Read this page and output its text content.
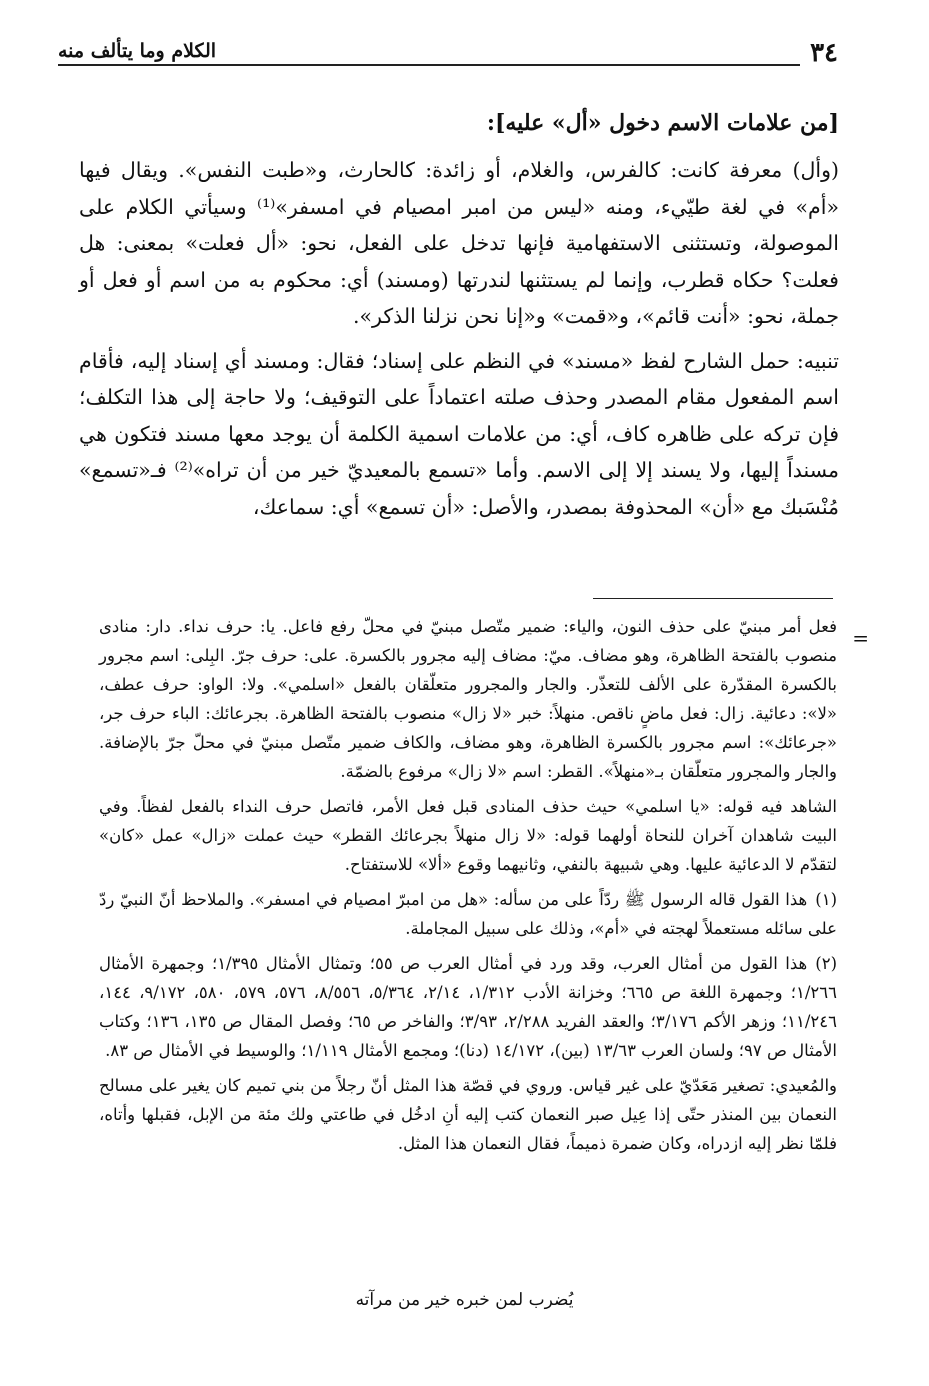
٣٤
الكلام وما يتألف منه
[من علامات الاسم دخول «أل» عليه]:

(وأل) معرفة كانت: كالفرس، والغلام، أو زائدة: كالحارث، و«طبت النفس». ويقال فيها «أم» في لغة طيّيء، ومنه «ليس من امبر امصيام في امسفر»⁽¹⁾ وسيأتي الكلام على الموصولة، وتستثنى الاستفهامية فإنها تدخل على الفعل، نحو: «أل فعلت» بمعنى: هل فعلت؟ حكاه قطرب، وإنما لم يستثنها لندرتها (ومسند) أي: محكوم به من اسم أو فعل أو جملة، نحو: «أنت قائم»، و«قمت» و«إنا نحن نزلنا الذكر».

تنبيه: حمل الشارح لفظ «مسند» في النظم على إسناد؛ فقال: ومسند أي إسناد إليه، فأقام اسم المفعول مقام المصدر وحذف صلته اعتماداً على التوقيف؛ ولا حاجة إلى هذا التكلف؛ فإن تركه على ظاهره كاف، أي: من علامات اسمية الكلمة أن يوجد معها مسند فتكون هي مسنداً إليها، ولا يسند إلا إلى الاسم. وأما «تسمع بالمعيديّ خير من أن تراه»⁽²⁾ فـ«تسمع» مُنْسَبك مع «أن» المحذوفة بمصدر، والأصل: «أن تسمع» أي: سماعك،

=

فعل أمر مبنيّ على حذف النون، والياء: ضمير متّصل مبنيّ في محلّ رفع فاعل. يا: حرف نداء. دار: منادى منصوب بالفتحة الظاهرة، وهو مضاف. ميّ: مضاف إليه مجرور بالكسرة. على: حرف جرّ. البِلى: اسم مجرور بالكسرة المقدّرة على الألف للتعذّر. والجار والمجرور متعلّقان بالفعل «اسلمي». ولا: الواو: حرف عطف، «لا»: دعائية. زال: فعل ماضٍ ناقص. منهلاً: خبر «لا زال» منصوب بالفتحة الظاهرة. بجرعائك: الباء حرف جر، «جرعائك»: اسم مجرور بالكسرة الظاهرة، وهو مضاف، والكاف ضمير متّصل مبنيّ في محلّ جرّ بالإضافة. والجار والمجرور متعلّقان بـ«منهلاً». القطر: اسم «لا زال» مرفوع بالضمّة.

الشاهد فيه قوله: «يا اسلمي» حيث حذف المنادى قبل فعل الأمر، فاتصل حرف النداء بالفعل لفظاً. وفي البيت شاهدان آخران للنحاة أولهما قوله: «لا زال منهلاً بجرعائك القطر» حيث عملت «زال» عمل «كان» لتقدّم لا الدعائية عليها. وهي شبيهة بالنفي، وثانيهما وقوع «ألا» للاستفتاح.

(١)هذا القول قاله الرسول ﷺ ردّاً على من سأله: «هل من امبرّ امصيام في امسفر». والملاحظ أنّ النبيّ ردّ على سائله مستعملاً لهجته في «أم»، وذلك على سبيل المجاملة.

(٢)هذا القول من أمثال العرب، وقد ورد في أمثال العرب ص ٥٥؛ وتمثال الأمثال ١/٣٩٥؛ وجمهرة الأمثال ١/٢٦٦؛ وجمهرة اللغة ص ٦٦٥؛ وخزانة الأدب ١/٣١٢، ٢/١٤، ٥/٣٦٤، ٨/٥٥٦، ٥٧٦، ٥٧٩، ٥٨٠، ٩/١٧٢، ١٤٤، ١١/٢٤٦؛ وزهر الأكم ٣/١٧٦؛ والعقد الفريد ٢/٢٨٨، ٣/٩٣؛ والفاخر ص ٦٥؛ وفصل المقال ص ١٣٥، ١٣٦؛ وكتاب الأمثال ص ٩٧؛ ولسان العرب ١٣/٦٣ (بين)، ١٤/١٧٢ (دنا)؛ ومجمع الأمثال ١/١١٩؛ والوسيط في الأمثال ص ٨٣.

والمُعيدي: تصغير مَعَدّيّ على غير قياس. وروي في قصّة هذا المثل أنّ رجلاً من بني تميم كان يغير على مسالح النعمان بين المنذر حتّى إذا عِيل صبر النعمان كتب إليه أنِ ادخُل في طاعتي ولك مئة من الإبل، فقبلها وأتاه، فلمّا نظر إليه ازدراه، وكان ضمرة ذميماً، فقال النعمان هذا المثل.

يُضرب لمن خبره خير من مرآته
